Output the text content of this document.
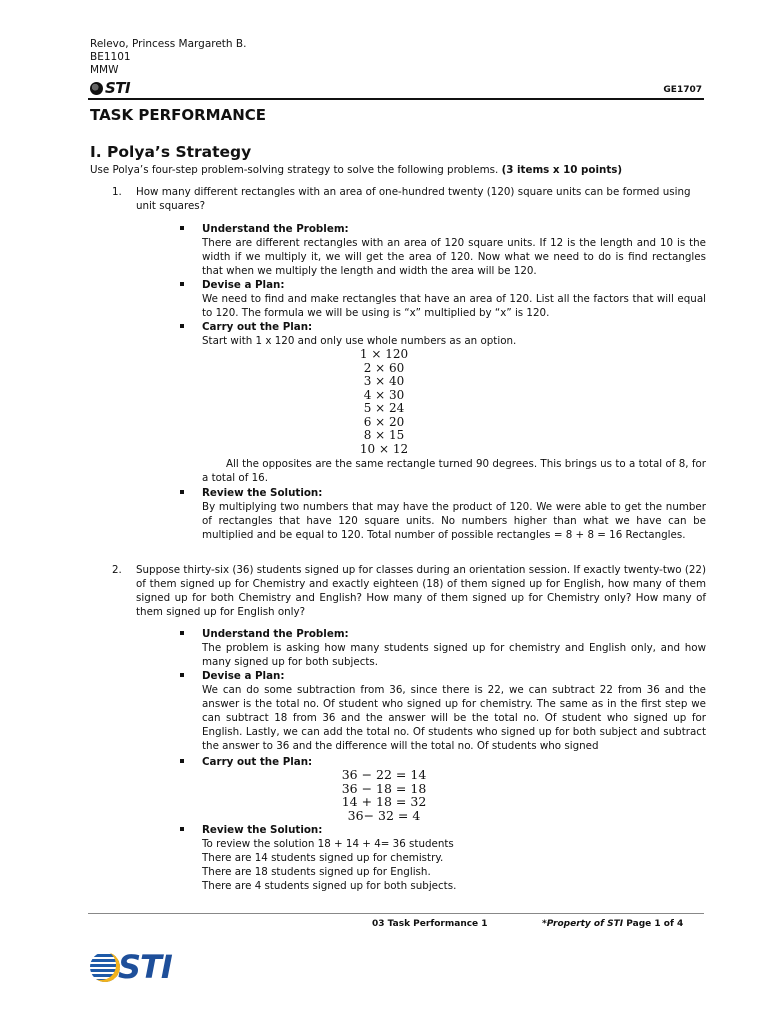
Relevo, Princess Margareth B.
BE1101
MMW
STI	GE1707
TASK PERFORMANCE
I. Polya’s Strategy
Use Polya’s four-step problem-solving strategy to solve the following problems. (3 items x 10 points)
1. How many different rectangles with an area of one-hundred twenty (120) square units can be formed using unit squares?
Understand the Problem:
There are different rectangles with an area of 120 square units. If 12 is the length and 10 is the width if we multiply it, we will get the area of 120. Now what we need to do is find rectangles that when we multiply the length and width the area will be 120.
Devise a Plan:
We need to find and make rectangles that have an area of 120. List all the factors that will equal to 120. The formula we will be using is “x” multiplied by “x” is 120.
Carry out the Plan:
Start with 1 x 120 and only use whole numbers as an option.
1 × 120
2 × 60
3 × 40
4 × 30
5 × 24
6 × 20
8 × 15
10 × 12
All the opposites are the same rectangle turned 90 degrees. This brings us to a total of 8, for a total of 16.
Review the Solution:
By multiplying two numbers that may have the product of 120. We were able to get the number of rectangles that have 120 square units. No numbers higher than what we have can be multiplied and be equal to 120. Total number of possible rectangles = 8 + 8 = 16 Rectangles.
2. Suppose thirty-six (36) students signed up for classes during an orientation session. If exactly twenty-two (22) of them signed up for Chemistry and exactly eighteen (18) of them signed up for English, how many of them signed up for both Chemistry and English? How many of them signed up for Chemistry only? How many of them signed up for English only?
Understand the Problem:
The problem is asking how many students signed up for chemistry and English only, and how many signed up for both subjects.
Devise a Plan:
We can do some subtraction from 36, since there is 22, we can subtract 22 from 36 and the answer is the total no. Of student who signed up for chemistry. The same as in the first step we can subtract 18 from 36 and the answer will be the total no. Of student who signed up for English. Lastly, we can add the total no. Of students who signed up for both subject and subtract the answer to 36 and the difference will the total no. Of students who signed
Carry out the Plan:
36 − 22 = 14
36 − 18 = 18
14 + 18 = 32
36− 32 = 4
Review the Solution:
To review the solution 18 + 14 + 4= 36 students
There are 14 students signed up for chemistry.
There are 18 students signed up for English.
There are 4 students signed up for both subjects.
03 Task Performance 1	*Property of STI Page 1 of 4
STI
